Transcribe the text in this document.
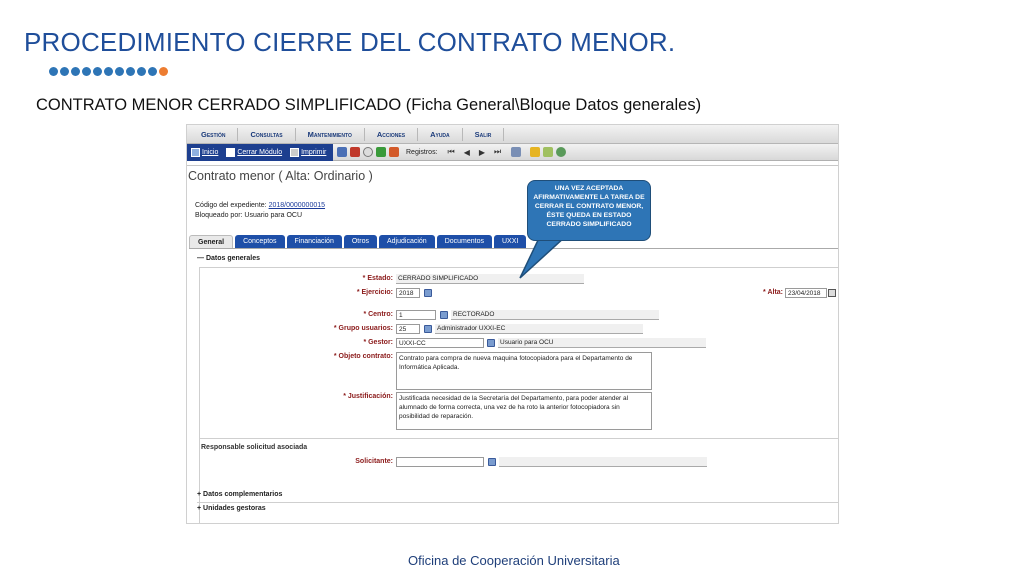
PROCEDIMIENTO CIERRE DEL CONTRATO MENOR.
CONTRATO MENOR CERRADO SIMPLIFICADO (Ficha General\Bloque Datos generales)
Gestión	Consultas	Mantenimiento	Acciones	Ayuda	Salir
Inicio	Cerrar Módulo	Imprimir	Registros:	⏮	◀	▶	⏭
Contrato menor ( Alta: Ordinario )
Código del expediente: 2018/0000000015
Bloqueado por: Usuario para OCU
General	Conceptos	Financiación	Otros	Adjudicación	Documentos	UXXI
— Datos generales
* Estado: CERRADO SIMPLIFICADO
* Ejercicio: 2018	* Alta: 23/04/2018
* Centro: 1	RECTORADO
* Grupo usuarios: 25	Administrador UXXI-EC
* Gestor: UXXI-CC	Usuario para OCU
* Objeto contrato: Contrato para compra de nueva maquina fotocopiadora para el Departamento de Informática Aplicada.
* Justificación: Justificada necesidad de la Secretaría del Departamento, para poder atender al alumnado de forma correcta, una vez de ha roto la anterior fotocopiadora sin posibilidad de reparación.
Responsable solicitud asociada
Solicitante:
+ Datos complementarios
+ Unidades gestoras
UNA VEZ ACEPTADA AFIRMATIVAMENTE LA TAREA DE CERRAR EL CONTRATO MENOR, ÉSTE QUEDA EN ESTADO CERRADO SIMPLIFICADO
Oficina de Cooperación Universitaria
